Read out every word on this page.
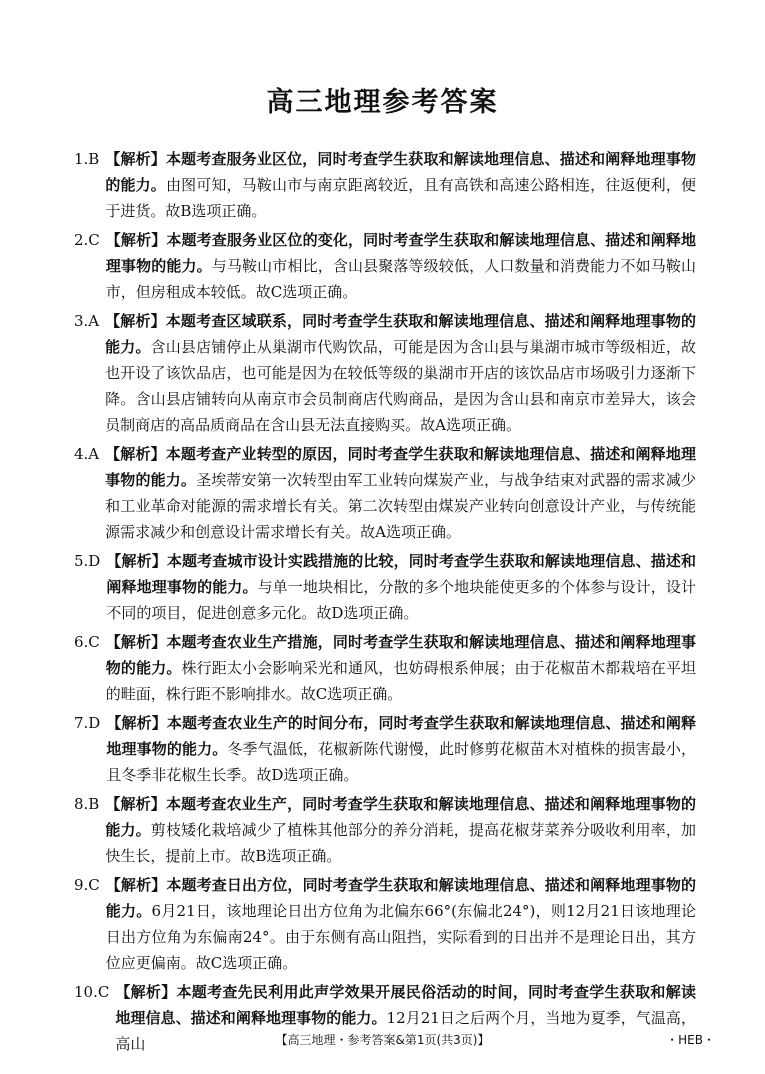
高三地理参考答案
1.B 【解析】本题考查服务业区位，同时考查学生获取和解读地理信息、描述和阐释地理事物的能力。由图可知，马鞍山市与南京距离较近，且有高铁和高速公路相连，往返便利，便于进货。故B选项正确。
2.C 【解析】本题考查服务业区位的变化，同时考查学生获取和解读地理信息、描述和阐释地理事物的能力。与马鞍山市相比，含山县聚落等级较低，人口数量和消费能力不如马鞍山市，但房租成本较低。故C选项正确。
3.A 【解析】本题考查区域联系，同时考查学生获取和解读地理信息、描述和阐释地理事物的能力。含山县店铺停止从巢湖市代购饮品，可能是因为含山县与巢湖市城市等级相近，故也开设了该饮品店，也可能是因为在较低等级的巢湖市开店的该饮品店市场吸引力逐渐下降。含山县店铺转向从南京市会员制商店代购商品，是因为含山县和南京市差异大，该会员制商店的高品质商品在含山县无法直接购买。故A选项正确。
4.A 【解析】本题考查产业转型的原因，同时考查学生获取和解读地理信息、描述和阐释地理事物的能力。圣埃蒂安第一次转型由军工业转向煤炭产业，与战争结束对武器的需求减少和工业革命对能源的需求增长有关。第二次转型由煤炭产业转向创意设计产业，与传统能源需求减少和创意设计需求增长有关。故A选项正确。
5.D 【解析】本题考查城市设计实践措施的比较，同时考查学生获取和解读地理信息、描述和阐释地理事物的能力。与单一地块相比，分散的多个地块能使更多的个体参与设计，设计不同的项目，促进创意多元化。故D选项正确。
6.C 【解析】本题考查农业生产措施，同时考查学生获取和解读地理信息、描述和阐释地理事物的能力。株行距太小会影响采光和通风，也妨碍根系伸展；由于花椒苗木都栽培在平坦的畦面，株行距不影响排水。故C选项正确。
7.D 【解析】本题考查农业生产的时间分布，同时考查学生获取和解读地理信息、描述和阐释地理事物的能力。冬季气温低，花椒新陈代谢慢，此时修剪花椒苗木对植株的损害最小，且冬季非花椒生长季。故D选项正确。
8.B 【解析】本题考查农业生产，同时考查学生获取和解读地理信息、描述和阐释地理事物的能力。剪枝矮化栽培减少了植株其他部分的养分消耗，提高花椒芽菜养分吸收利用率，加快生长，提前上市。故B选项正确。
9.C 【解析】本题考查日出方位，同时考查学生获取和解读地理信息、描述和阐释地理事物的能力。6月21日，该地理论日出方位角为北偏东66°(东偏北24°)，则12月21日该地理论日出方位角为东偏南24°。由于东侧有高山阻挡，实际看到的日出并不是理论日出，其方位应更偏南。故C选项正确。
10.C 【解析】本题考查先民利用此声学效果开展民俗活动的时间，同时考查学生获取和解读地理信息、描述和阐释地理事物的能力。12月21日之后两个月，当地为夏季，气温高，高山	【高三地理・参考答案&第1页(共3页)】	・HEB・
